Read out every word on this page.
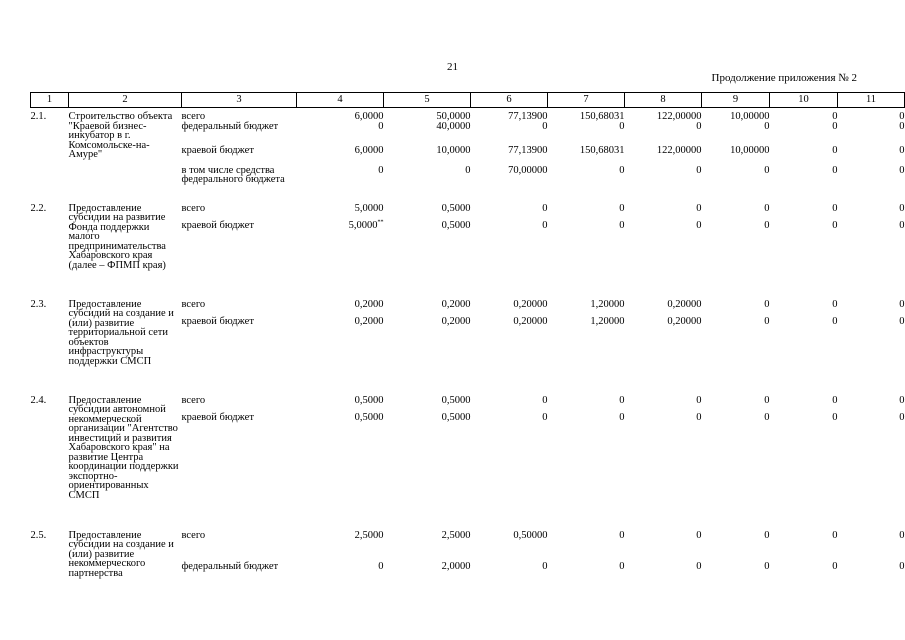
21
Продолжение приложения № 2
1	2	3	4	5	6	7	8	9	10	11
2.1.	Строительство объекта "Краевой бизнес-инкубатор в г. Комсомольске-на-Амуре"	всего	6,0000	50,0000	77,13900	150,68031	122,00000	10,00000	0	0
		федеральный бюджет	0	40,0000	0	0	0	0	0	0
		краевой бюджет	6,0000	10,0000	77,13900	150,68031	122,00000	10,00000	0	0
		в том числе средства федерального бюджета	0	0	70,00000	0	0	0	0	0
2.2.	Предоставление субсидии на развитие Фонда поддержки малого предпринимательства Хабаровского края (далее – ФПМП края)	всего	5,0000	0,5000	0	0	0	0	0	0
		краевой бюджет	5,0000**	0,5000	0	0	0	0	0	0
2.3.	Предоставление субсидий на создание и (или) развитие территориальной сети объектов инфраструктуры поддержки СМСП	всего	0,2000	0,2000	0,20000	1,20000	0,20000	0	0	0
		краевой бюджет	0,2000	0,2000	0,20000	1,20000	0,20000	0	0	0
2.4.	Предоставление субсидии автономной некоммерческой организации "Агентство инвестиций и развития Хабаровского края" на развитие Центра координации поддержки экспортно-ориентированных СМСП	всего	0,5000	0,5000	0	0	0	0	0	0
		краевой бюджет	0,5000	0,5000	0	0	0	0	0	0
2.5.	Предоставление субсидии на создание и (или) развитие некоммерческого партнерства	всего	2,5000	2,5000	0,50000	0	0	0	0	0
		федеральный бюджет	0	2,0000	0	0	0	0	0	0
